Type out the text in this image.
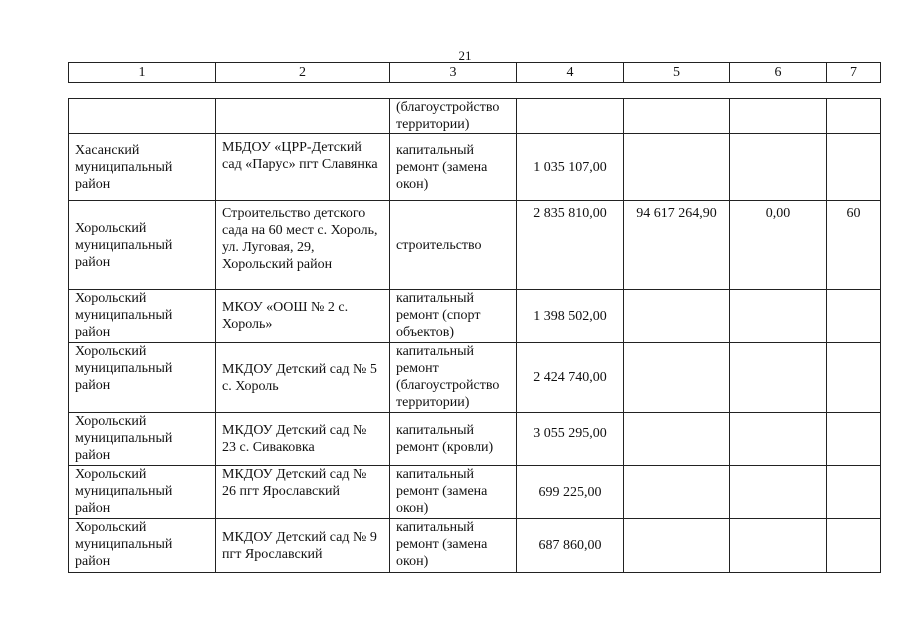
21
1	2	3	4	5	6	7
		(благоустройство территории)				
Хасанский муниципальный район	МБДОУ «ЦРР-Детский сад «Парус» пгт Славянка	капитальный ремонт (замена окон)	1 035 107,00			
Хорольский муниципальный район	Строительство детского сада на 60 мест с. Хороль, ул. Луговая, 29, Хорольский район	строительство	2 835 810,00	94 617 264,90	0,00	60
Хорольский муниципальный район	МКОУ «ООШ № 2 с. Хороль»	капитальный ремонт (спорт объектов)	1 398 502,00			
Хорольский муниципальный район	МКДОУ Детский сад № 5 с. Хороль	капитальный ремонт (благоустройство территории)	2 424 740,00			
Хорольский муниципальный район	МКДОУ Детский сад № 23 с. Сиваковка	капитальный ремонт (кровли)	3 055 295,00			
Хорольский муниципальный район	МКДОУ Детский сад № 26 пгт Ярославский	капитальный ремонт (замена окон)	699 225,00			
Хорольский муниципальный район	МКДОУ Детский сад № 9 пгт Ярославский	капитальный ремонт (замена окон)	687 860,00			
